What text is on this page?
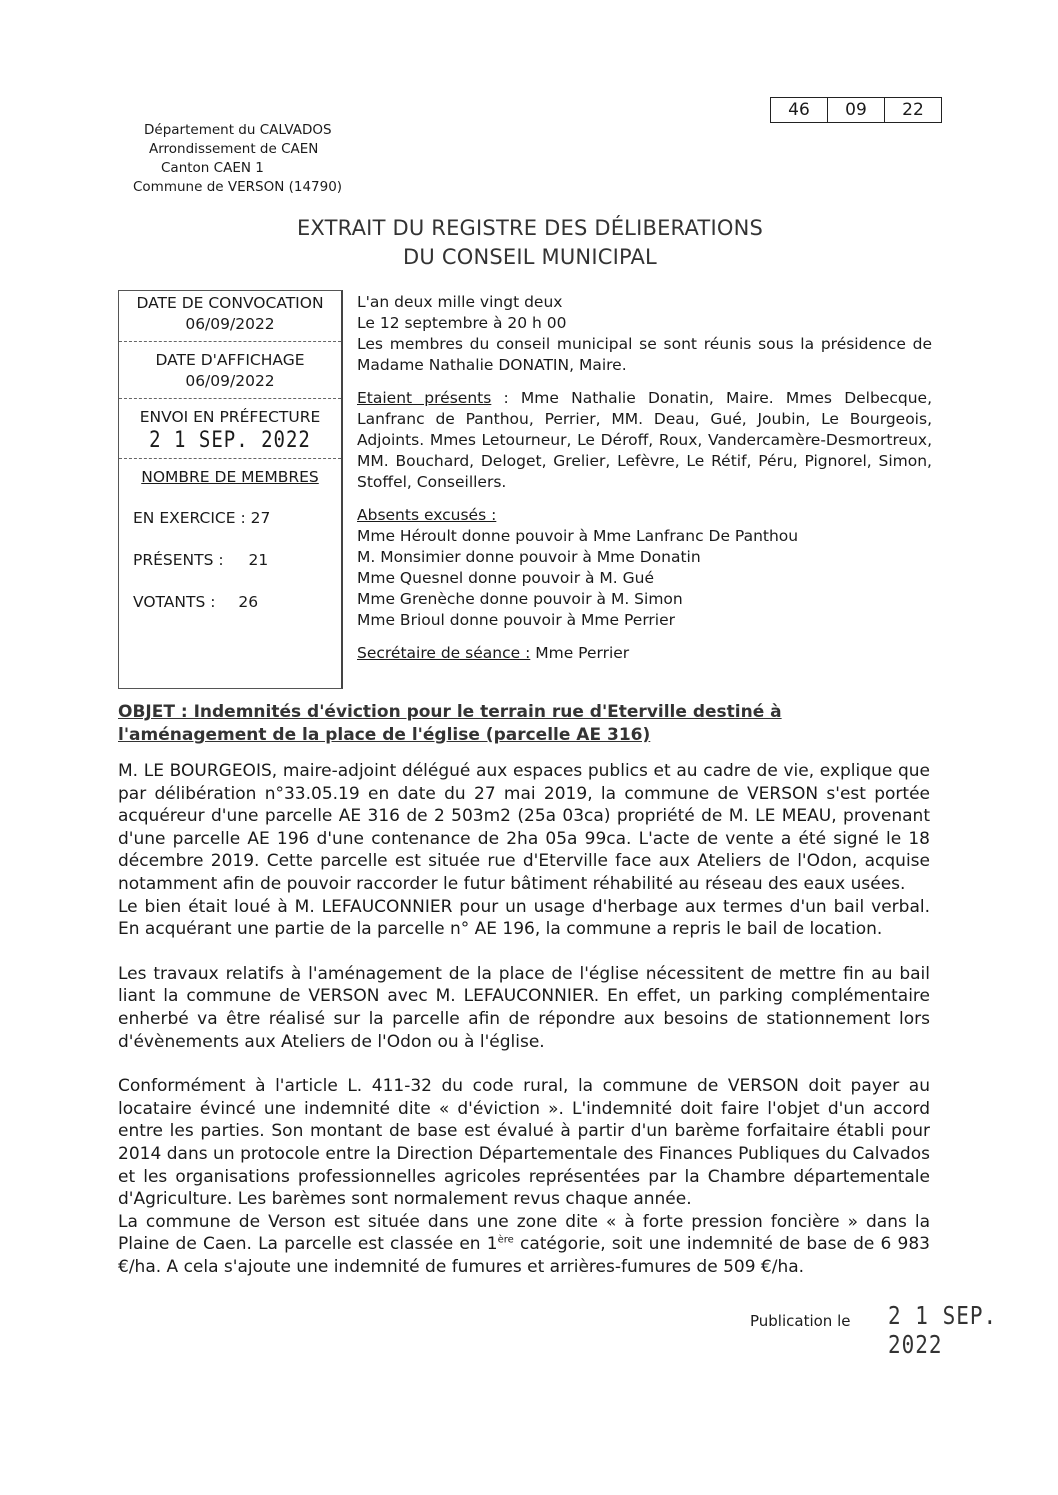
46	09	22
Département du CALVADOS
Arrondissement de CAEN
Canton CAEN 1
Commune de VERSON (14790)
EXTRAIT DU REGISTRE DES DÉLIBERATIONS
DU CONSEIL MUNICIPAL
DATE DE CONVOCATION
06/09/2022
DATE D'AFFICHAGE
06/09/2022
ENVOI EN PRÉFECTURE
2 1 SEP. 2022
NOMBRE DE MEMBRES
EN EXERCICE : 27
PRÉSENTS : 21
VOTANTS : 26

L'an deux mille vingt deux

Le 12 septembre à 20 h 00

Les membres du conseil municipal se sont réunis sous la présidence de Madame Nathalie DONATIN, Maire.

Etaient présents : Mme Nathalie Donatin, Maire. Mmes Delbecque, Lanfranc de Panthou, Perrier, MM. Deau, Gué, Joubin, Le Bourgeois, Adjoints. Mmes Letourneur, Le Déroff, Roux, Vandercamère-Desmortreux, MM. Bouchard, Deloget, Grelier, Lefèvre, Le Rétif, Péru, Pignorel, Simon, Stoffel, Conseillers.

Absents excusés :

Mme Héroult donne pouvoir à Mme Lanfranc De Panthou

M. Monsimier donne pouvoir à Mme Donatin

Mme Quesnel donne pouvoir à M. Gué

Mme Grenèche donne pouvoir à M. Simon

Mme Brioul donne pouvoir à Mme Perrier

Secrétaire de séance : Mme Perrier

OBJET : Indemnités d'éviction pour le terrain rue d'Eterville destiné à l'aménagement de la place de l'église (parcelle AE 316)

M. LE BOURGEOIS, maire-adjoint délégué aux espaces publics et au cadre de vie, explique que par délibération n°33.05.19 en date du 27 mai 2019, la commune de VERSON s'est portée acquéreur d'une parcelle AE 316 de 2 503m2 (25a 03ca) propriété de M. LE MEAU, provenant d'une parcelle AE 196 d'une contenance de 2ha 05a 99ca. L'acte de vente a été signé le 18 décembre 2019. Cette parcelle est située rue d'Eterville face aux Ateliers de l'Odon, acquise notamment afin de pouvoir raccorder le futur bâtiment réhabilité au réseau des eaux usées.

Le bien était loué à M. LEFAUCONNIER pour un usage d'herbage aux termes d'un bail verbal. En acquérant une partie de la parcelle n° AE 196, la commune a repris le bail de location.

Les travaux relatifs à l'aménagement de la place de l'église nécessitent de mettre fin au bail liant la commune de VERSON avec M. LEFAUCONNIER. En effet, un parking complémentaire enherbé va être réalisé sur la parcelle afin de répondre aux besoins de stationnement lors d'évènements aux Ateliers de l'Odon ou à l'église.

Conformément à l'article L. 411-32 du code rural, la commune de VERSON doit payer au locataire évincé une indemnité dite « d'éviction ». L'indemnité doit faire l'objet d'un accord entre les parties. Son montant de base est évalué à partir d'un barème forfaitaire établi pour 2014 dans un protocole entre la Direction Départementale des Finances Publiques du Calvados et les organisations professionnelles agricoles représentées par la Chambre départementale d'Agriculture. Les barèmes sont normalement revus chaque année.

La commune de Verson est située dans une zone dite « à forte pression foncière » dans la Plaine de Caen. La parcelle est classée en 1ère catégorie, soit une indemnité de base de 6 983 €/ha. A cela s'ajoute une indemnité de fumures et arrières-fumures de 509 €/ha.

Publication le 2 1 SEP. 2022
